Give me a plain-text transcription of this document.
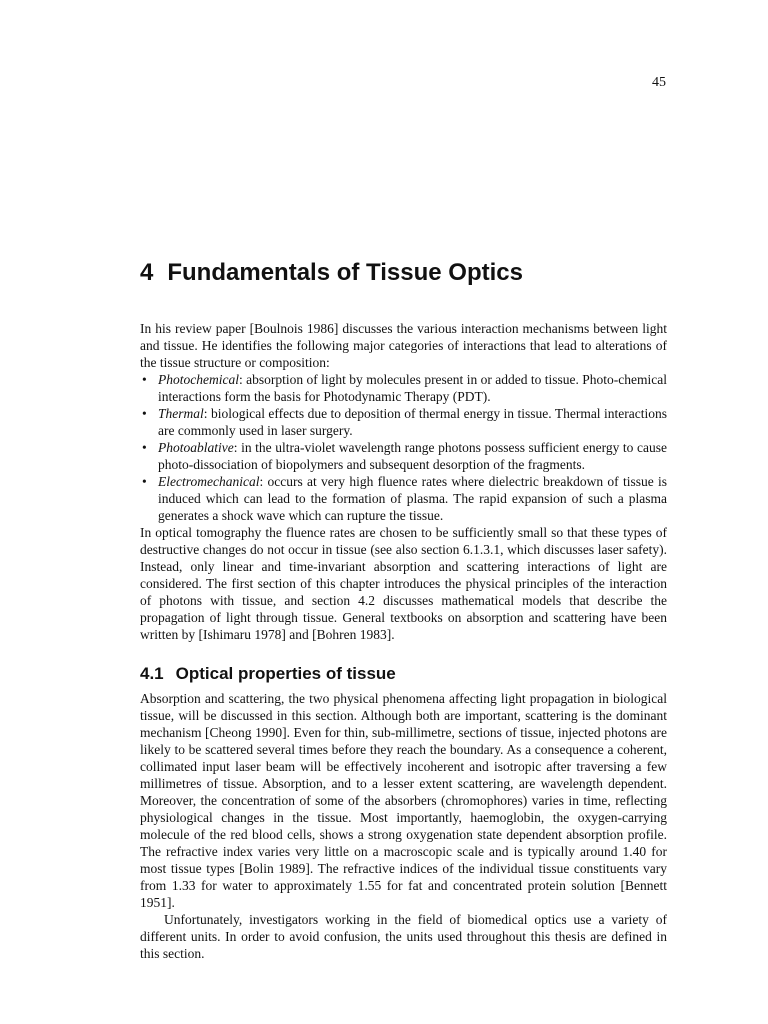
45
4 Fundamentals of Tissue Optics

In his review paper [Boulnois 1986] discusses the various interaction mechanisms between light and tissue. He identifies the following major categories of interactions that lead to alterations of the tissue structure or composition:

• Photochemical: absorption of light by molecules present in or added to tissue. Photo-chemical interactions form the basis for Photodynamic Therapy (PDT).
• Thermal: biological effects due to deposition of thermal energy in tissue. Thermal interactions are commonly used in laser surgery.
• Photoablative: in the ultra-violet wavelength range photons possess sufficient energy to cause photo-dissociation of biopolymers and subsequent desorption of the fragments.
• Electromechanical: occurs at very high fluence rates where dielectric breakdown of tissue is induced which can lead to the formation of plasma. The rapid expansion of such a plasma generates a shock wave which can rupture the tissue.

In optical tomography the fluence rates are chosen to be sufficiently small so that these types of destructive changes do not occur in tissue (see also section 6.1.3.1, which discusses laser safety). Instead, only linear and time-invariant absorption and scattering interactions of light are considered. The first section of this chapter introduces the physical principles of the interaction of photons with tissue, and section 4.2 discusses mathematical models that describe the propagation of light through tissue. General textbooks on absorption and scattering have been written by [Ishimaru 1978] and [Bohren 1983].

4.1 Optical properties of tissue

Absorption and scattering, the two physical phenomena affecting light propagation in biological tissue, will be discussed in this section. Although both are important, scattering is the dominant mechanism [Cheong 1990]. Even for thin, sub-millimetre, sections of tissue, injected photons are likely to be scattered several times before they reach the boundary. As a consequence a coherent, collimated input laser beam will be effectively incoherent and isotropic after traversing a few millimetres of tissue. Absorption, and to a lesser extent scattering, are wavelength dependent. Moreover, the concentration of some of the absorbers (chromophores) varies in time, reflecting physiological changes in the tissue. Most importantly, haemoglobin, the oxygen-carrying molecule of the red blood cells, shows a strong oxygenation state dependent absorption profile. The refractive index varies very little on a macroscopic scale and is typically around 1.40 for most tissue types [Bolin 1989]. The refractive indices of the individual tissue constituents vary from 1.33 for water to approximately 1.55 for fat and concentrated protein solution [Bennett 1951].

Unfortunately, investigators working in the field of biomedical optics use a variety of different units. In order to avoid confusion, the units used throughout this thesis are defined in this section.
